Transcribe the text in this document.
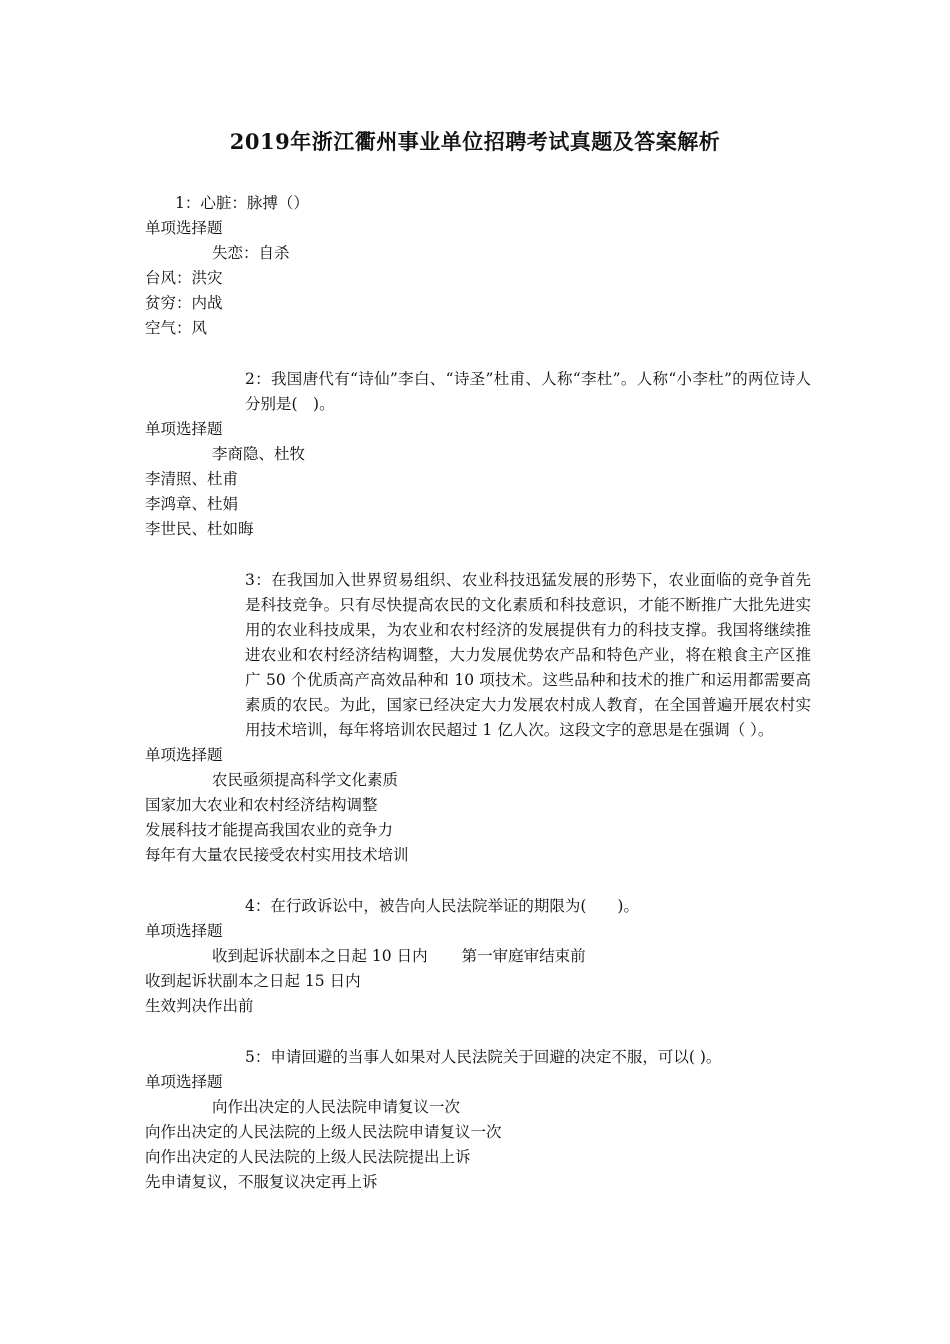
2019年浙江衢州事业单位招聘考试真题及答案解析
1：心脏：脉搏（）
单项选择题
失恋：自杀
台风：洪灾
贫穷：内战
空气：风
2：我国唐代有“诗仙”李白、“诗圣”杜甫、人称“李杜”。人称“小李杜”的两位诗人分别是(　)。
单项选择题
李商隐、杜牧
李清照、杜甫
李鸿章、杜娟
李世民、杜如晦
3：在我国加入世界贸易组织、农业科技迅猛发展的形势下，农业面临的竞争首先是科技竞争。只有尽快提高农民的文化素质和科技意识，才能不断推广大批先进实用的农业科技成果，为农业和农村经济的发展提供有力的科技支撑。我国将继续推进农业和农村经济结构调整，大力发展优势农产品和特色产业，将在粮食主产区推广 50 个优质高产高效品种和 10 项技术。这些品种和技术的推广和运用都需要高素质的农民。为此，国家已经决定大力发展农村成人教育，在全国普遍开展农村实用技术培训，每年将培训农民超过 1 亿人次。这段文字的意思是在强调（ ）。
单项选择题
农民亟须提高科学文化素质
国家加大农业和农村经济结构调整
发展科技才能提高我国农业的竞争力
每年有大量农民接受农村实用技术培训
4：在行政诉讼中，被告向人民法院举证的期限为(　　)。
单项选择题
收到起诉状副本之日起 10 日内 第一审庭审结束前
收到起诉状副本之日起 15 日内
生效判决作出前
5：申请回避的当事人如果对人民法院关于回避的决定不服，可以( )。
单项选择题
向作出决定的人民法院申请复议一次
向作出决定的人民法院的上级人民法院申请复议一次
向作出决定的人民法院的上级人民法院提出上诉
先申请复议，不服复议决定再上诉
